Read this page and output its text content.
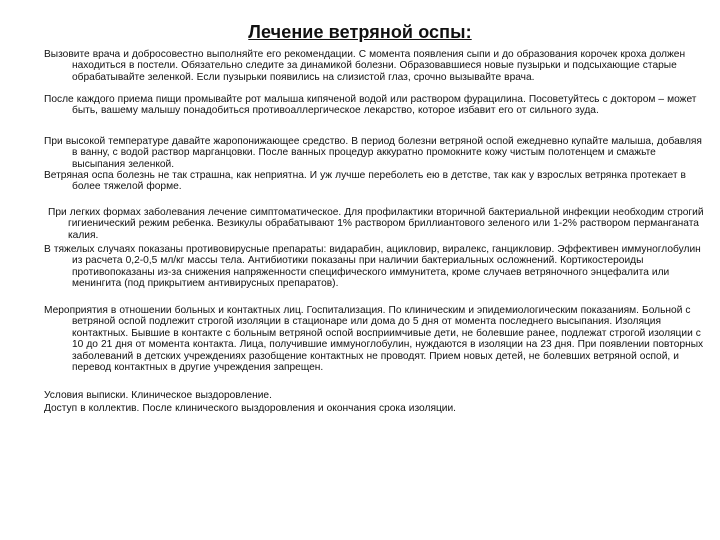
Лечение ветряной оспы:

Вызовите врача и добросовестно выполняйте его рекомендации. С момента появления сыпи и до образования корочек кроха должен находиться в постели. Обязательно следите за динамикой болезни. Образовавшиеся новые пузырьки и подсыхающие старые обрабатывайте зеленкой. Если пузырьки появились на слизистой глаз, срочно вызывайте врача.

После каждого приема пищи промывайте рот малыша кипяченой водой или раствором фурацилина. Посоветуйтесь с доктором – может быть, вашему малышу понадобиться противоаллергическое лекарство, которое избавит его от сильного зуда.

При высокой температуре давайте жаропонижающее средство. В период болезни ветряной оспой ежедневно купайте малыша, добавляя в ванну, с водой раствор марганцовки. После ванных процедур аккуратно промокните кожу чистым полотенцем и смажьте высыпания зеленкой.

Ветряная оспа болезнь не так страшна, как неприятна. И уж лучше переболеть ею в детстве, так как у взрослых ветрянка протекает в более тяжелой форме.

При легких формах заболевания лечение симптоматическое. Для профилактики вторичной бактериальной инфекции необходим строгий гигиенический режим ребенка. Везикулы обрабатывают 1% раствором бриллиантового зеленого или 1-2% раствором перманганата калия.

В тяжелых случаях показаны противовирусные препараты: видарабин, ацикловир, виралекс, ганцикловир. Эффективен иммуноглобулин из расчета 0,2-0,5 мл/кг массы тела. Антибиотики показаны при наличии бактериальных осложнений. Кортикостероиды противопоказаны из-за снижения напряженности специфического иммунитета, кроме случаев ветряночного энцефалита или менингита (под прикрытием антивирусных препаратов).

Мероприятия в отношении больных и контактных лиц. Госпитализация. По клиническим и эпидемиологическим показаниям. Больной с ветряной оспой подлежит строгой изоляции в стационаре или дома до 5 дня от момента последнего высыпания. Изоляция контактных. Бывшие в контакте с больным ветряной оспой восприимчивые дети, не болевшие ранее, подлежат строгой изоляции с 10 до 21 дня от момента контакта. Лица, получившие иммуноглобулин, нуждаются в изоляции на 23 дня. При появлении повторных заболеваний в детских учреждениях разобщение контактных не проводят. Прием новых детей, не болевших ветряной оспой, и перевод контактных в другие учреждения запрещен.

Условия выписки. Клиническое выздоровление.

Доступ в коллектив. После клинического выздоровления и окончания срока изоляции.
